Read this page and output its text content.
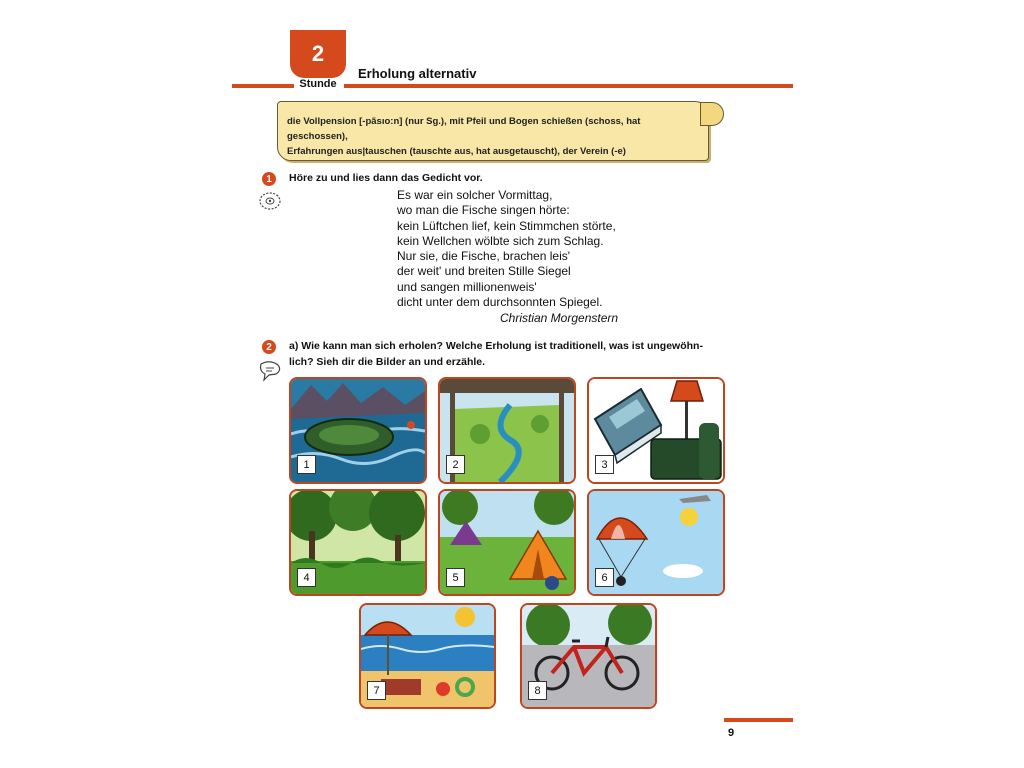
2
Stunde
Erholung alternativ
die Vollpension [-pãsıo:n] (nur Sg.), mit Pfeil und Bogen schießen (schoss, hat geschossen),
Erfahrungen aus|tauschen (tauschte aus, hat ausgetauscht), der Verein (-e)
1	Höre zu und lies dann das Gedicht vor.
Es war ein solcher Vormittag,
wo man die Fische singen hörte:
kein Lüftchen lief, kein Stimmchen störte,
kein Wellchen wölbte sich zum Schlag.
Nur sie, die Fische, brachen leis'
der weit' und breiten Stille Siegel
und sangen millionenweis'
dicht unter dem durchsonnten Spiegel.
Christian Morgenstern
2	a) Wie kann man sich erholen? Welche Erholung ist traditionell, was ist ungewöhn-
lich? Sieh dir die Bilder an und erzähle.
1	2	3
4	5	6
7	8
9
